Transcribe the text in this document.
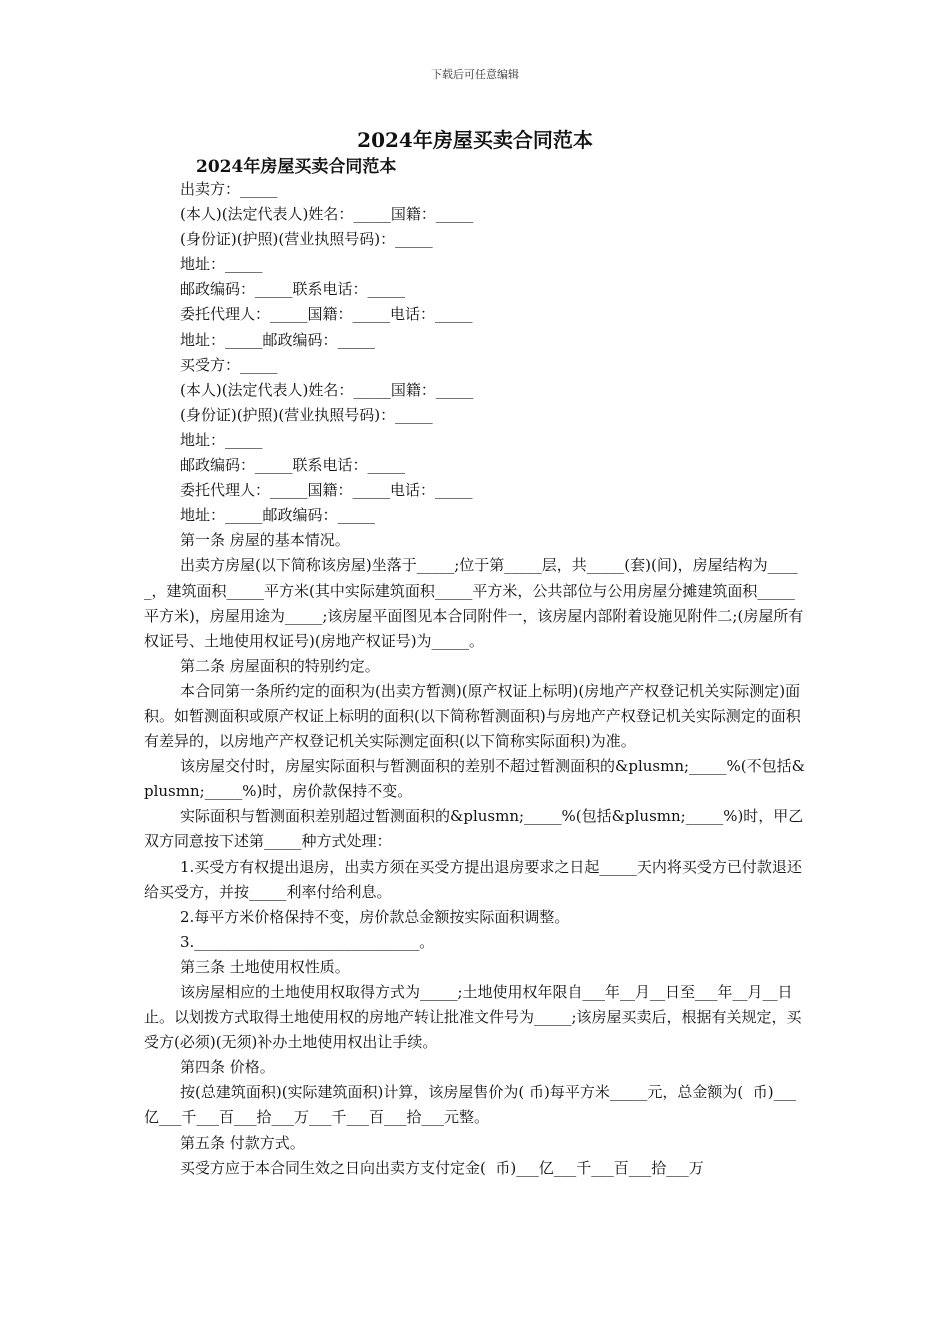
下载后可任意编辑
2024年房屋买卖合同范本
2024年房屋买卖合同范本

出卖方：_____

(本人)(法定代表人)姓名：_____国籍：_____

(身份证)(护照)(营业执照号码)：_____

地址：_____

邮政编码：_____联系电话：_____

委托代理人：_____国籍：_____电话：_____

地址：_____邮政编码：_____

买受方：_____

(本人)(法定代表人)姓名：_____国籍：_____

(身份证)(护照)(营业执照号码)：_____

地址：_____

邮政编码：_____联系电话：_____

委托代理人：_____国籍：_____电话：_____

地址：_____邮政编码：_____

第一条 房屋的基本情况。

出卖方房屋(以下简称该房屋)坐落于_____;位于第_____层，共_____(套)(间)，房屋结构为_____，建筑面积_____平方米(其中实际建筑面积_____平方米，公共部位与公用房屋分摊建筑面积_____平方米)，房屋用途为_____;该房屋平面图见本合同附件一，该房屋内部附着设施见附件二;(房屋所有权证号、土地使用权证号)(房地产权证号)为_____。

第二条 房屋面积的特别约定。

本合同第一条所约定的面积为(出卖方暂测)(原产权证上标明)(房地产产权登记机关实际测定)面积。如暂测面积或原产权证上标明的面积(以下简称暂测面积)与房地产产权登记机关实际测定的面积有差异的，以房地产产权登记机关实际测定面积(以下简称实际面积)为准。

该房屋交付时，房屋实际面积与暂测面积的差别不超过暂测面积的&plusmn;_____%(不包括&plusmn;_____%)时，房价款保持不变。

实际面积与暂测面积差别超过暂测面积的&plusmn;_____%(包括&plusmn;_____%)时，甲乙双方同意按下述第_____种方式处理：

1.买受方有权提出退房，出卖方须在买受方提出退房要求之日起_____天内将买受方已付款退还给买受方，并按_____利率付给利息。

2.每平方米价格保持不变，房价款总金额按实际面积调整。

3.______________________________。

第三条 土地使用权性质。

该房屋相应的土地使用权取得方式为_____;土地使用权年限自___年__月__日至___年__月__日止。以划拨方式取得土地使用权的房地产转让批准文件号为_____;该房屋买卖后，根据有关规定，买受方(必须)(无须)补办土地使用权出让手续。

第四条 价格。

按(总建筑面积)(实际建筑面积)计算，该房屋售价为( 币)每平方米_____元，总金额为(  币)___亿___千___百___拾___万___千___百___拾___元整。

第五条 付款方式。

买受方应于本合同生效之日向出卖方支付定金(  币)___亿___千___百___拾___万
